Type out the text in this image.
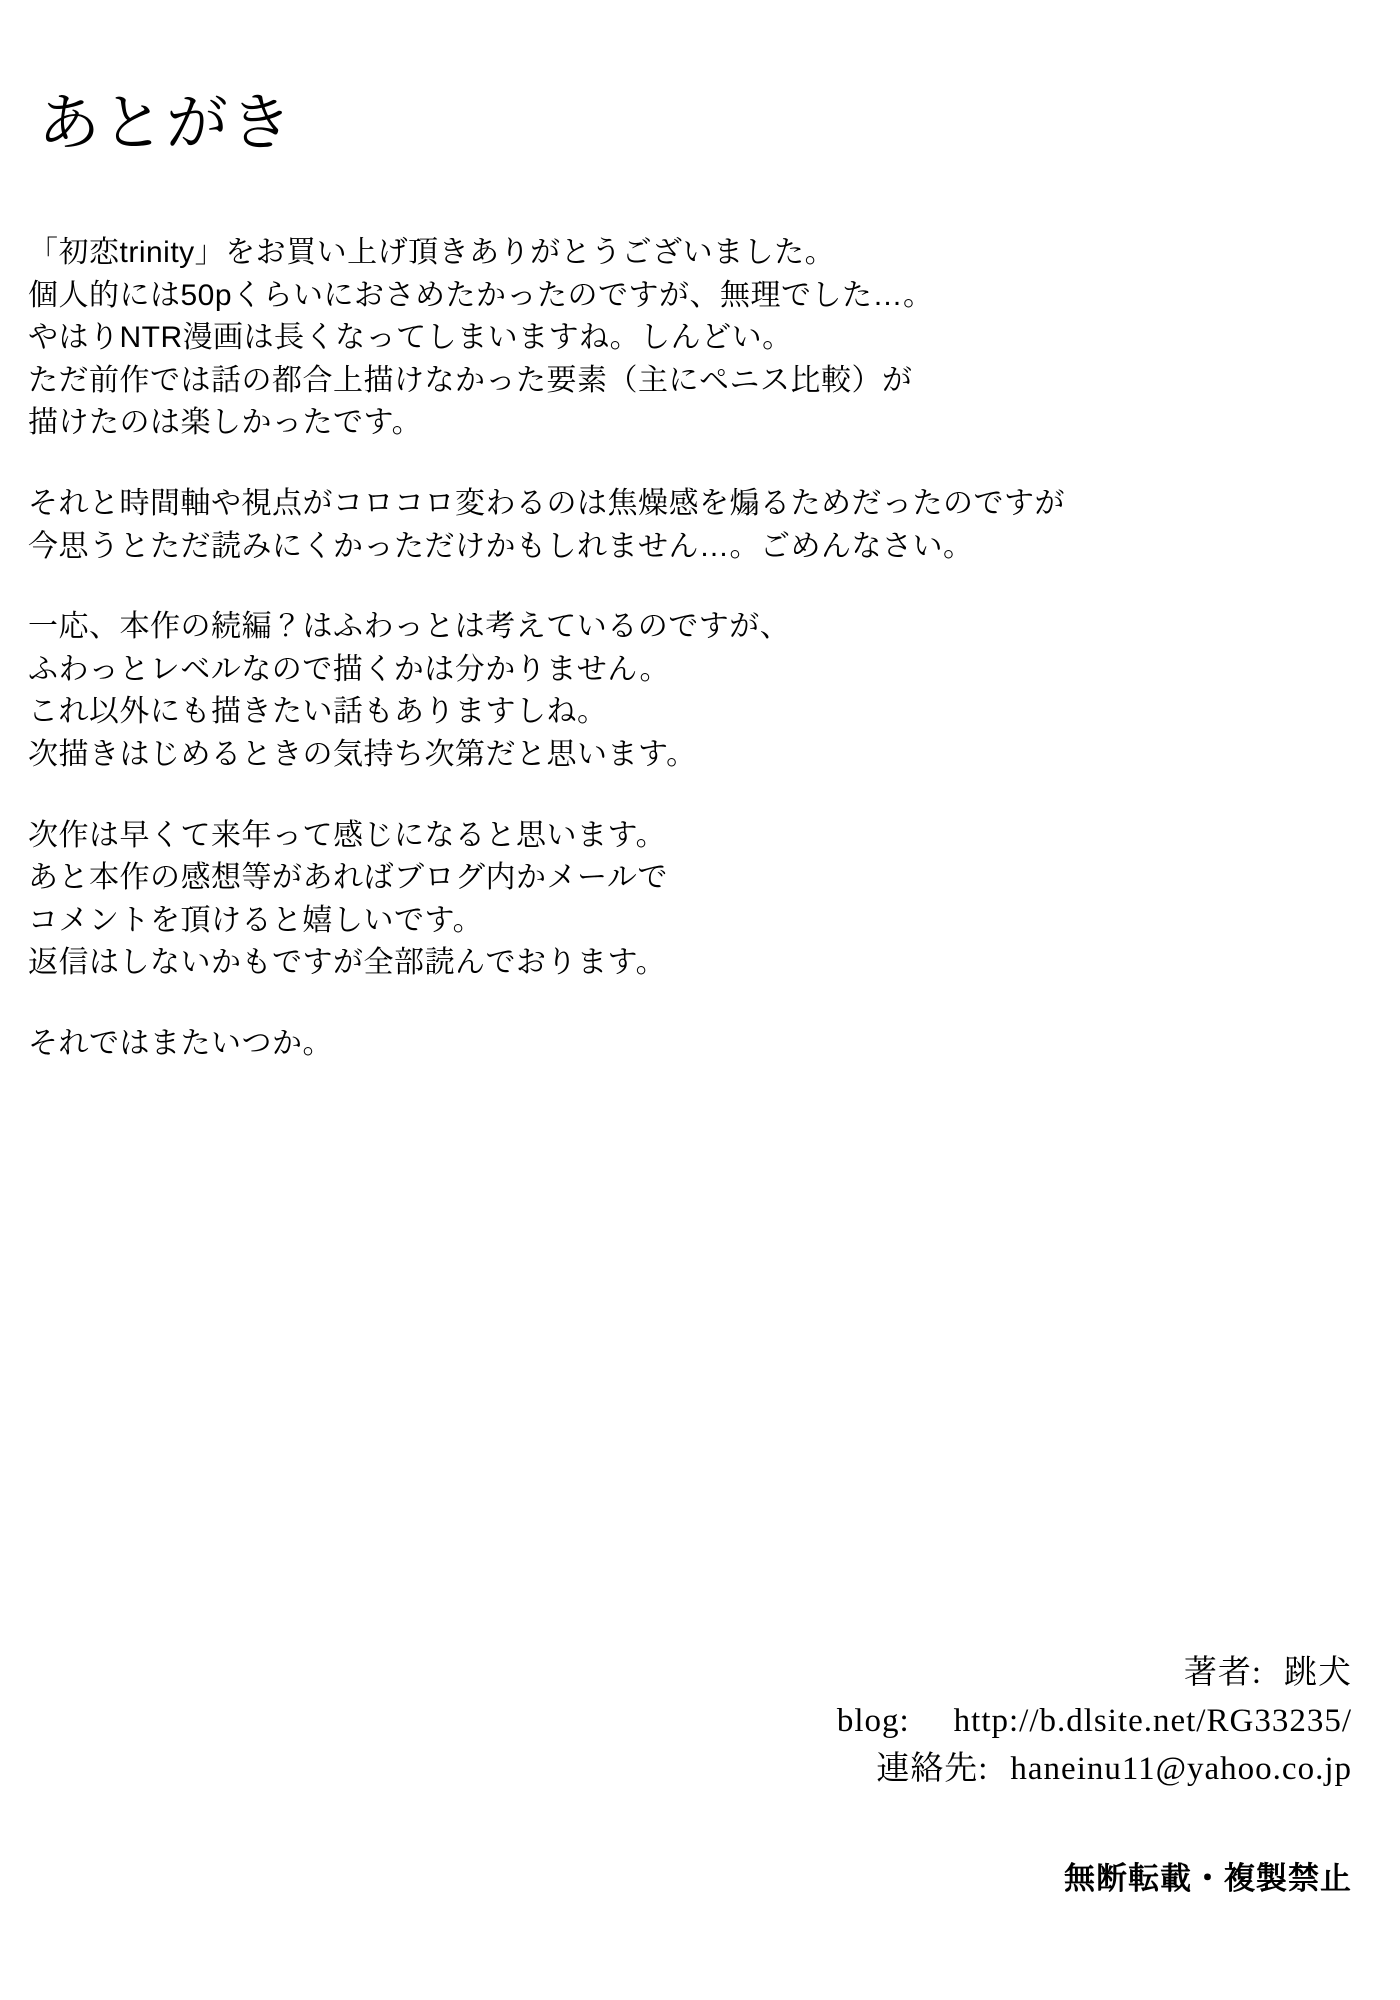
あとがき
「初恋trinity」をお買い上げ頂きありがとうございました。
個人的には50pくらいにおさめたかったのですが、無理でした…。
やはりNTR漫画は長くなってしまいますね。しんどい。
ただ前作では話の都合上描けなかった要素（主にペニス比較）が
描けたのは楽しかったです。
それと時間軸や視点がコロコロ変わるのは焦燥感を煽るためだったのですが
今思うとただ読みにくかっただけかもしれません…。ごめんなさい。
一応、本作の続編？はふわっとは考えているのですが、
ふわっとレベルなので描くかは分かりません。
これ以外にも描きたい話もありますしね。
次描きはじめるときの気持ち次第だと思います。
次作は早くて来年って感じになると思います。
あと本作の感想等があればブログ内かメールで
コメントを頂けると嬉しいです。
返信はしないかもですが全部読んでおります。
それではまたいつか。
著者: 跳犬
blog: http://b.dlsite.net/RG33235/
連絡先: haneinu11@yahoo.co.jp
無断転載・複製禁止
